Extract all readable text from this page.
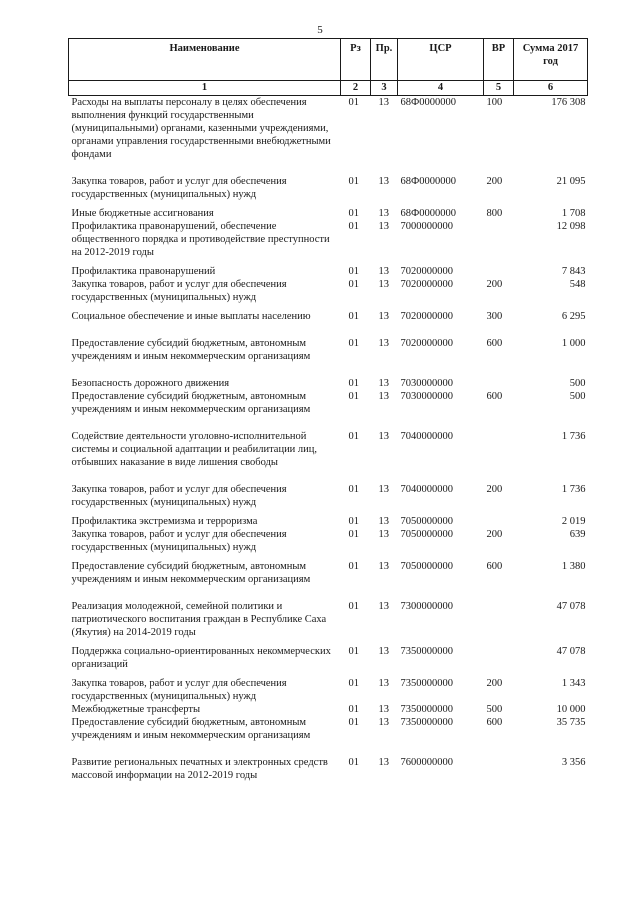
5
Наименование	Рз	Пр.	ЦСР	ВР	Сумма 2017 год
1	2	3	4	5	6
Расходы на выплаты персоналу в целях обеспечения выполнения функций государственными (муниципальными) органами, казенными учреждениями, органами управления государственными внебюджетными фондами	01	13	68Ф0000000	100	176 308

Закупка товаров, работ и услуг для обеспечения государственных (муниципальных) нужд	01	13	68Ф0000000	200	21 095

Иные бюджетные ассигнования	01	13	68Ф0000000	800	1 708
Профилактика правонарушений, обеспечение общественного порядка и противодействие преступности на 2012-2019 годы	01	13	7000000000		12 098

Профилактика правонарушений	01	13	7020000000		7 843
Закупка товаров, работ и услуг для обеспечения государственных (муниципальных) нужд	01	13	7020000000	200	548

Социальное обеспечение и иные выплаты населению	01	13	7020000000	300	6 295

Предоставление субсидий бюджетным, автономным учреждениям и иным некоммерческим организациям	01	13	7020000000	600	1 000

Безопасность дорожного движения	01	13	7030000000		500
Предоставление субсидий бюджетным, автономным учреждениям и иным некоммерческим организациям	01	13	7030000000	600	500

Содействие деятельности уголовно-исполнительной системы и социальной адаптации и реабилитации лиц, отбывших наказание в виде лишения свободы	01	13	7040000000		1 736

Закупка товаров, работ и услуг для обеспечения государственных (муниципальных) нужд	01	13	7040000000	200	1 736

Профилактика экстремизма и терроризма	01	13	7050000000		2 019
Закупка товаров, работ и услуг для обеспечения государственных (муниципальных) нужд	01	13	7050000000	200	639

Предоставление субсидий бюджетным, автономным учреждениям и иным некоммерческим организациям	01	13	7050000000	600	1 380

Реализация молодежной, семейной политики и патриотического воспитания граждан в Республике Саха (Якутия) на 2014-2019 годы	01	13	7300000000		47 078

Поддержка социально-ориентированных некоммерческих организаций	01	13	7350000000		47 078

Закупка товаров, работ и услуг для обеспечения государственных (муниципальных) нужд	01	13	7350000000	200	1 343
Межбюджетные трансферты	01	13	7350000000	500	10 000
Предоставление субсидий бюджетным, автономным учреждениям и иным некоммерческим организациям	01	13	7350000000	600	35 735

Развитие региональных печатных и электронных средств массовой информации на 2012-2019 годы	01	13	7600000000		3 356
